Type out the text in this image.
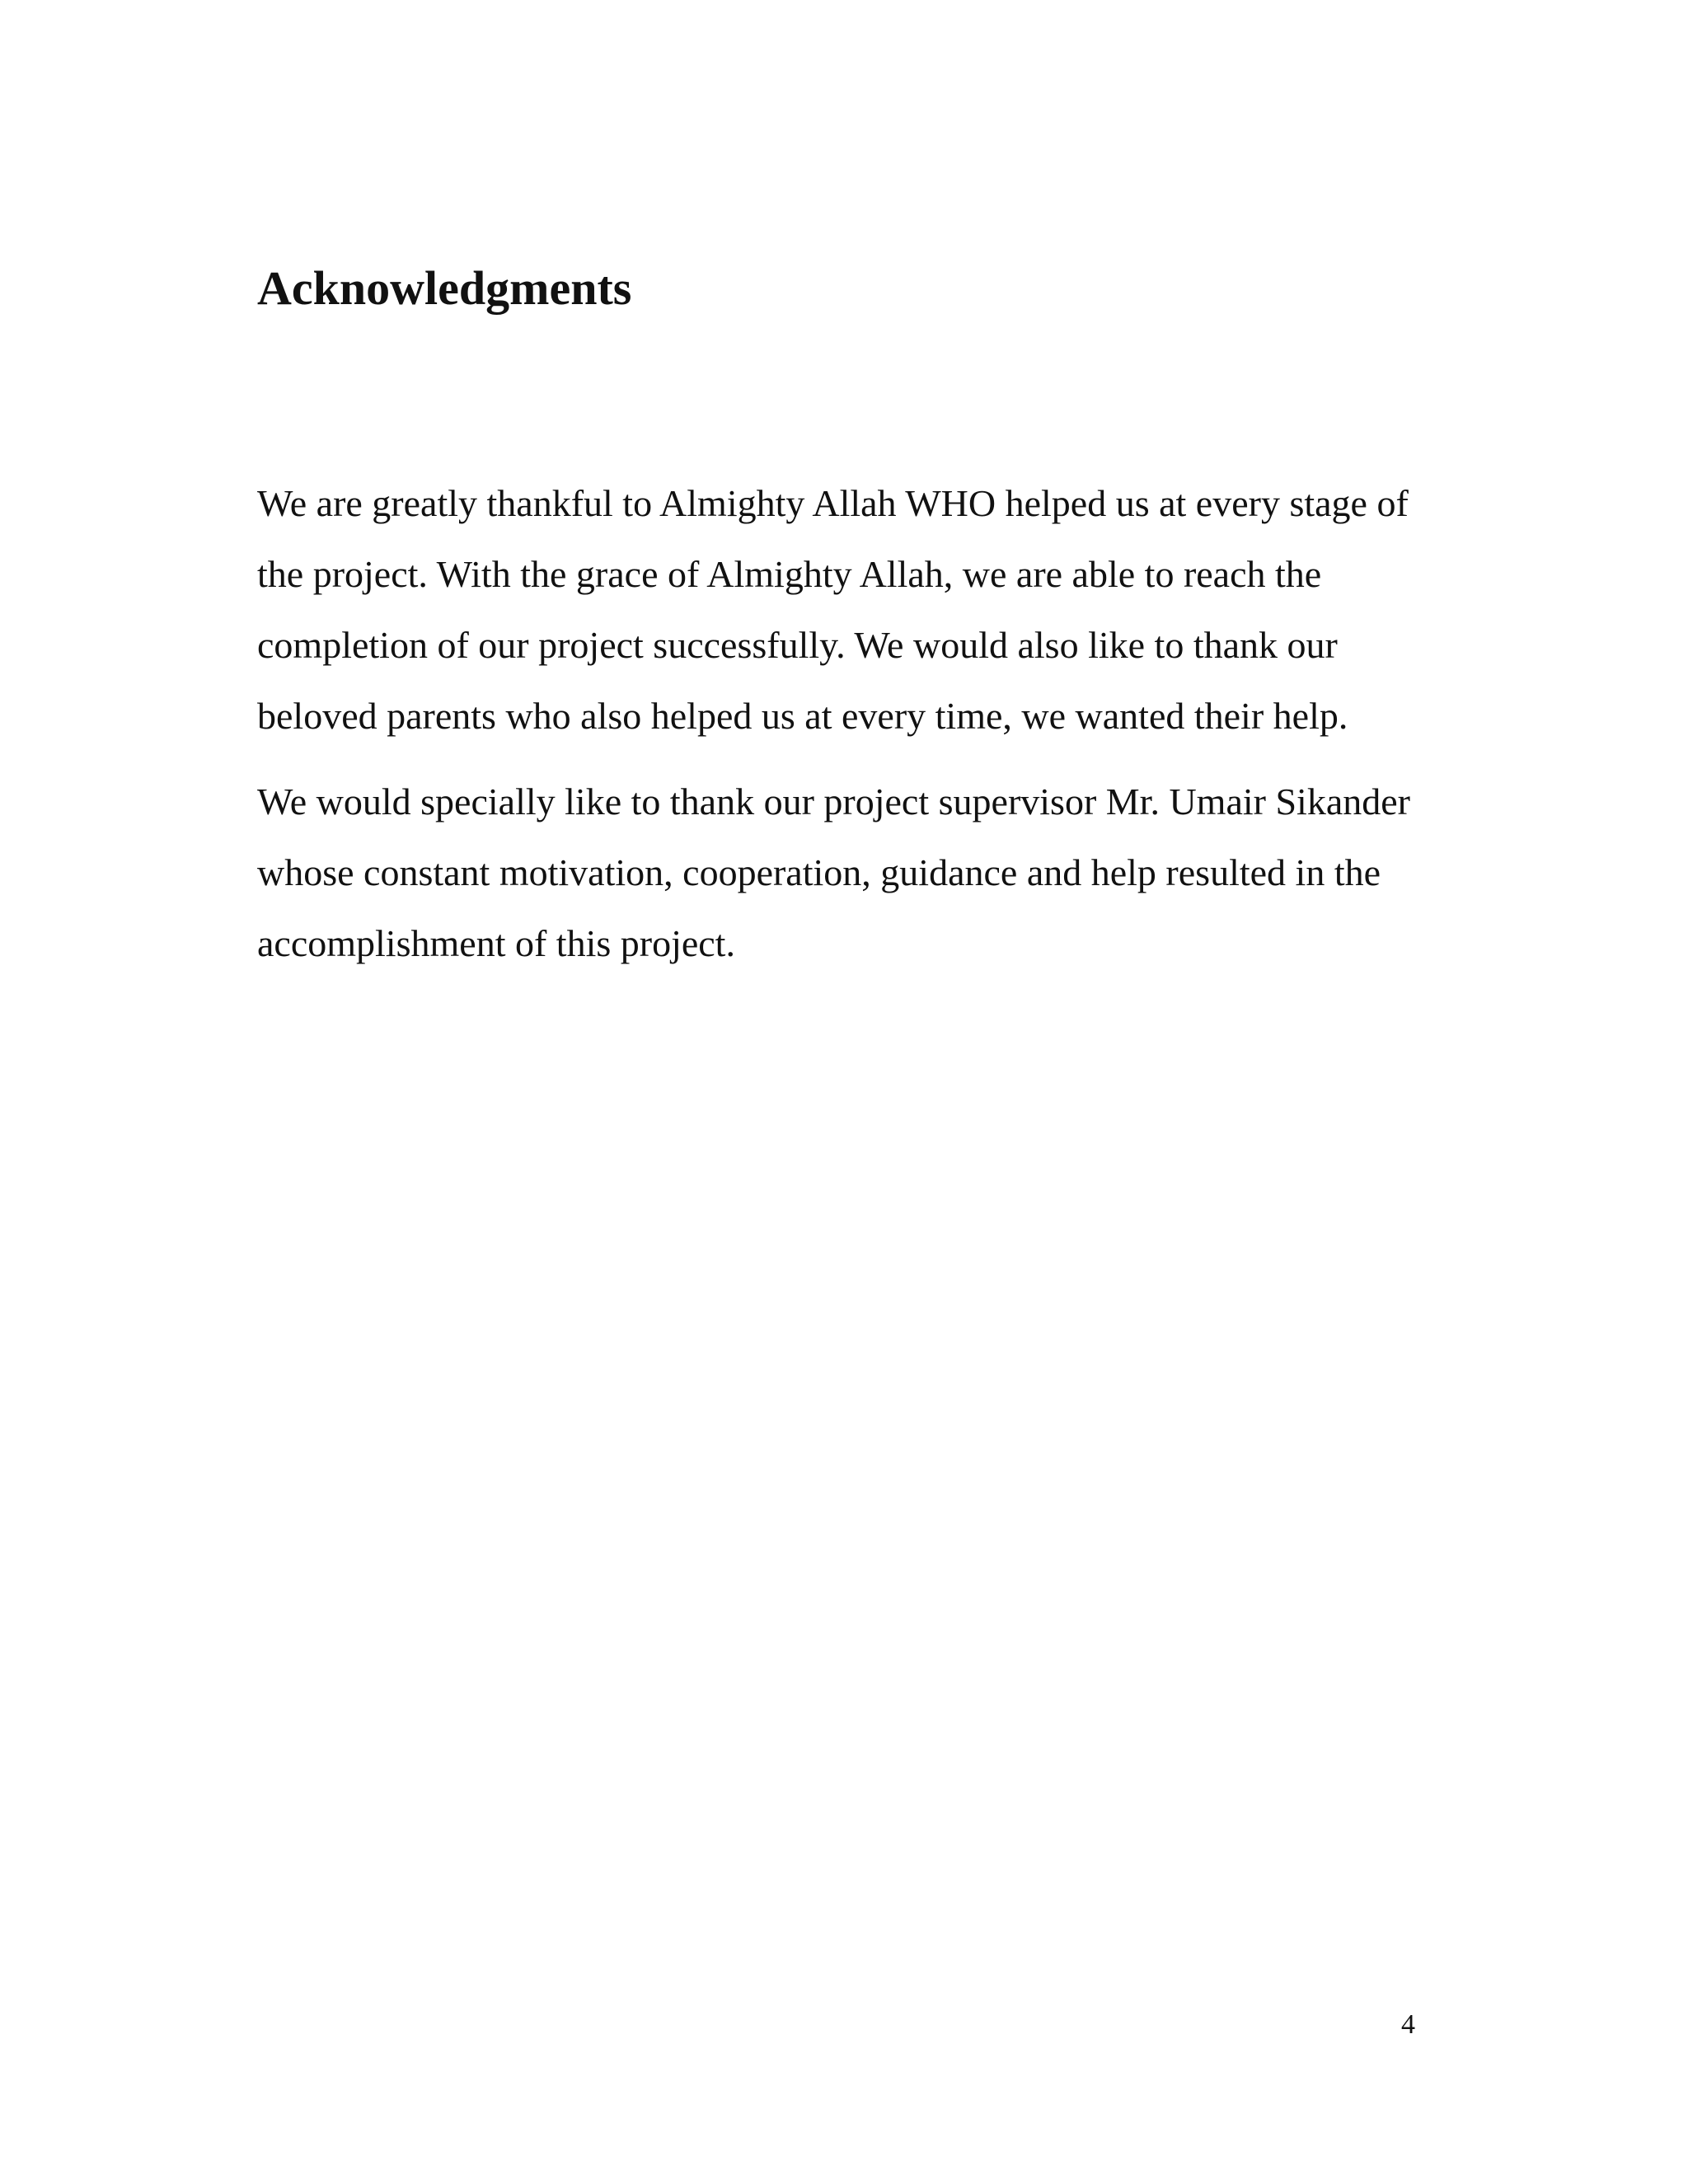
Acknowledgments

We are greatly thankful to Almighty Allah WHO helped us at every stage of the project. With the grace of Almighty Allah, we are able to reach the completion of our project successfully. We would also like to thank our beloved parents who also helped us at every time, we wanted their help.

We would specially like to thank our project supervisor Mr. Umair Sikander whose constant motivation, cooperation, guidance and help resulted in the accomplishment of this project.

4
